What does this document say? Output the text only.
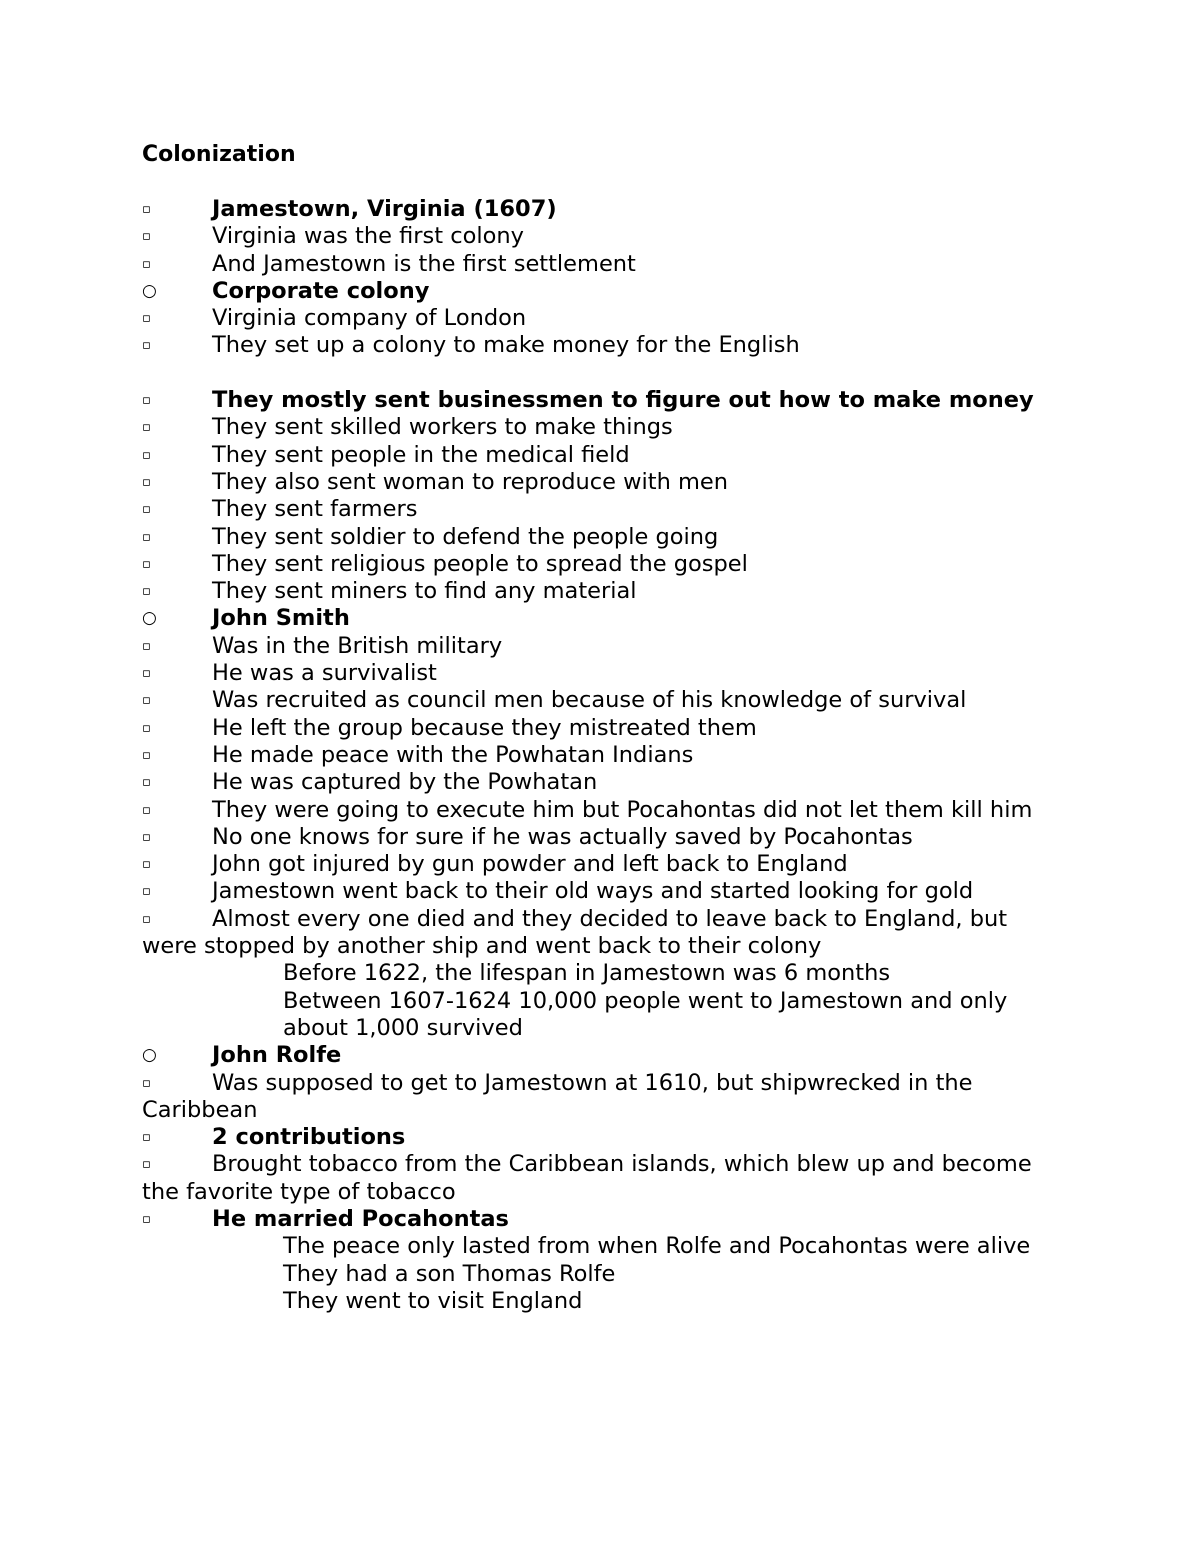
Colonization
▫	Jamestown, Virginia (1607)
▫	Virginia was the first colony
▫	And Jamestown is the first settlement
○ Corporate colony
▫	Virginia company of London
▫	They set up a colony to make money for the English
▫	They mostly sent businessmen to figure out how to make money
▫	They sent skilled workers to make things
▫	They sent people in the medical field
▫	They also sent woman to reproduce with men
▫	They sent farmers
▫	They sent soldier to defend the people going
▫	They sent religious people to spread the gospel
▫	They sent miners to find any material
○ John Smith
▫	Was in the British military
▫	He was a survivalist
▫	Was recruited as council men because of his knowledge of survival
▫	He left the group because they mistreated them
▫	He made peace with the Powhatan Indians
▫	He was captured by the Powhatan
▫	They were going to execute him but Pocahontas did not let them kill him
▫	No one knows for sure if he was actually saved by Pocahontas
▫	John got injured by gun powder and left back to England
▫	Jamestown went back to their old ways and started looking for gold
▫	Almost every one died and they decided to leave back to England, but were stopped by another ship and went back to their colony
Before 1622, the lifespan in Jamestown was 6 months
Between 1607-1624 10,000 people went to Jamestown and only about 1,000 survived
○ John Rolfe
▫	Was supposed to get to Jamestown at 1610, but shipwrecked in the Caribbean
▫	2 contributions
▫	Brought tobacco from the Caribbean islands, which blew up and become the favorite type of tobacco
▫	He married Pocahontas
The peace only lasted from when Rolfe and Pocahontas were alive
They had a son Thomas Rolfe
They went to visit England
